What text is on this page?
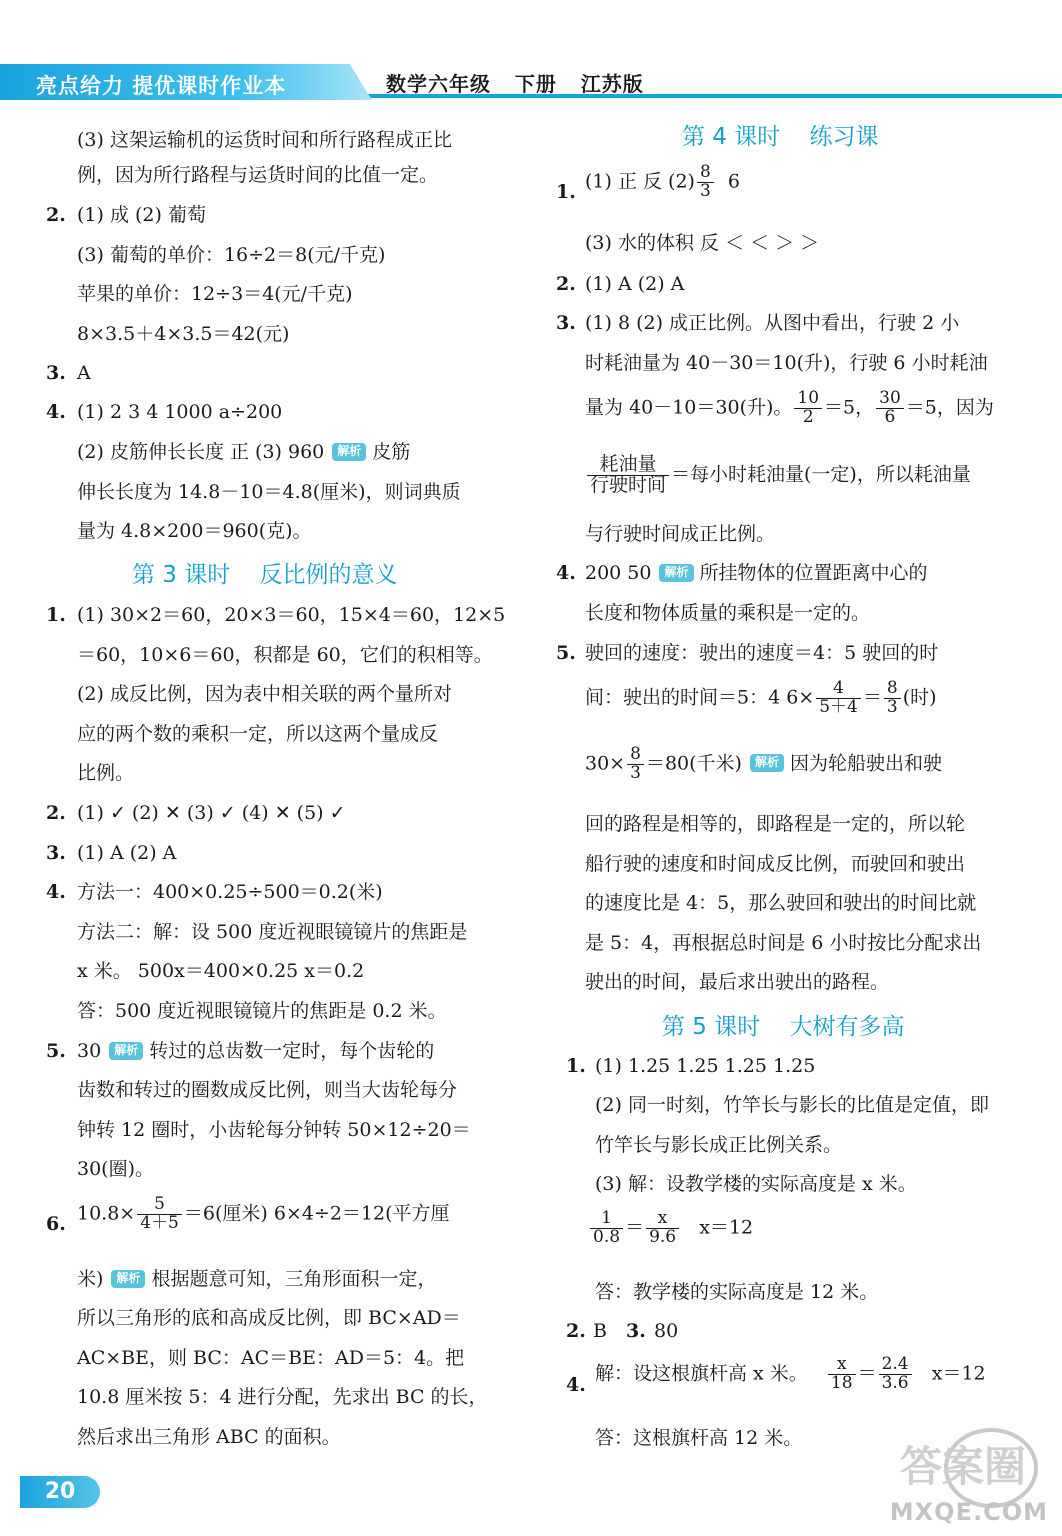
亮点给力 提优课时作业本	数学六年级   下册   江苏版
(3) 这架运输机的运货时间和所行路程成正比
例，因为所行路程与运货时间的比值一定。
2. (1) 成 (2) 葡萄
(3) 葡萄的单价：16÷2＝8(元/千克)
苹果的单价：12÷3＝4(元/千克)
8×3.5＋4×3.5＝42(元)
3. A
4. (1) 2 3 4 1000 a÷200
(2) 皮筋伸长长度 正 (3) 960 解析 皮筋
伸长长度为 14.8－10＝4.8(厘米)，则词典质
量为 4.8×200＝960(克)。
第 3 课时    反比例的意义
1. (1) 30×2＝60，20×3＝60，15×4＝60，12×5
＝60，10×6＝60，积都是 60，它们的积相等。
(2) 成反比例，因为表中相关联的两个量所对
应的两个数的乘积一定，所以这两个量成反
比例。
2. (1) ✓ (2) ✕ (3) ✓ (4) ✕ (5) ✓
3. (1) A (2) A
4. 方法一：400×0.25÷500＝0.2(米)
方法二：解：设 500 度近视眼镜镜片的焦距是
x 米。 500x＝400×0.25 x＝0.2
答：500 度近视眼镜镜片的焦距是 0.2 米。
5. 30 解析 转过的总齿数一定时，每个齿轮的
齿数和转过的圈数成反比例，则当大齿轮每分
钟转 12 圈时，小齿轮每分钟转 50×12÷20＝
30(圈)。
6. $10.8\times \frac{5}{4+5} =6$(厘米) 6×4÷2＝12(平方厘
米) 解析 根据题意可知，三角形面积一定，
所以三角形的底和高成反比例，即 BC×AD＝
AC×BE，则 BC：AC＝BE：AD＝5：4。把
10.8 厘米按 5：4 进行分配，先求出 BC 的长，
然后求出三角形 ABC 的面积。
第 4 课时    练习课
1. (1) 正 反 $(2) \frac{8}{3} 6$
(3) 水的体积 反 ＜ ＜ ＞ ＞
2. (1) A (2) A
3. (1) 8 (2) 成正比例。从图中看出，行驶 2 小
时耗油量为 40－30＝10(升)，行驶 6 小时耗油
量为 40－10＝30(升)。 $\frac{10}{2} =5$， $\frac{30}{6} =5$，因为
$\frac{\text{耗油量}}{\text{行驶时间}}$ ＝每小时耗油量(一定)，所以耗油量
与行驶时间成正比例。
4. 200 50 解析 所挂物体的位置距离中心的
长度和物体质量的乘积是一定的。
5. 驶回的速度：驶出的速度＝4：5 驶回的时
间：驶出的时间＝5：4 $6\times \frac{4}{5+4} = \frac{8}{3}$ (时)
$30\times \frac{8}{3} =80$(千米) 解析 因为轮船驶出和驶
回的路程是相等的，即路程是一定的，所以轮
船行驶的速度和时间成反比例，而驶回和驶出
的速度比是 4：5，那么驶回和驶出的时间比就
是 5：4，再根据总时间是 6 小时按比分配求出
驶出的时间，最后求出驶出的路程。
第 5 课时    大树有多高
1. (1) 1.25 1.25 1.25 1.25
(2) 同一时刻，竹竿长与影长的比值是定值，即
竹竿长与影长成正比例关系。
(3) 解：设教学楼的实际高度是 x 米。
$\frac{1}{0.8} = \frac{x}{9.6} x=12$
答：教学楼的实际高度是 12 米。
2. B 3. 80
4.
解：设这根旗杆高 x 米。 $\frac{x}{18} = \frac{2.4}{3.6} x=12$
答：这根旗杆高 12 米。
20
答案圈
MXQE.COM
